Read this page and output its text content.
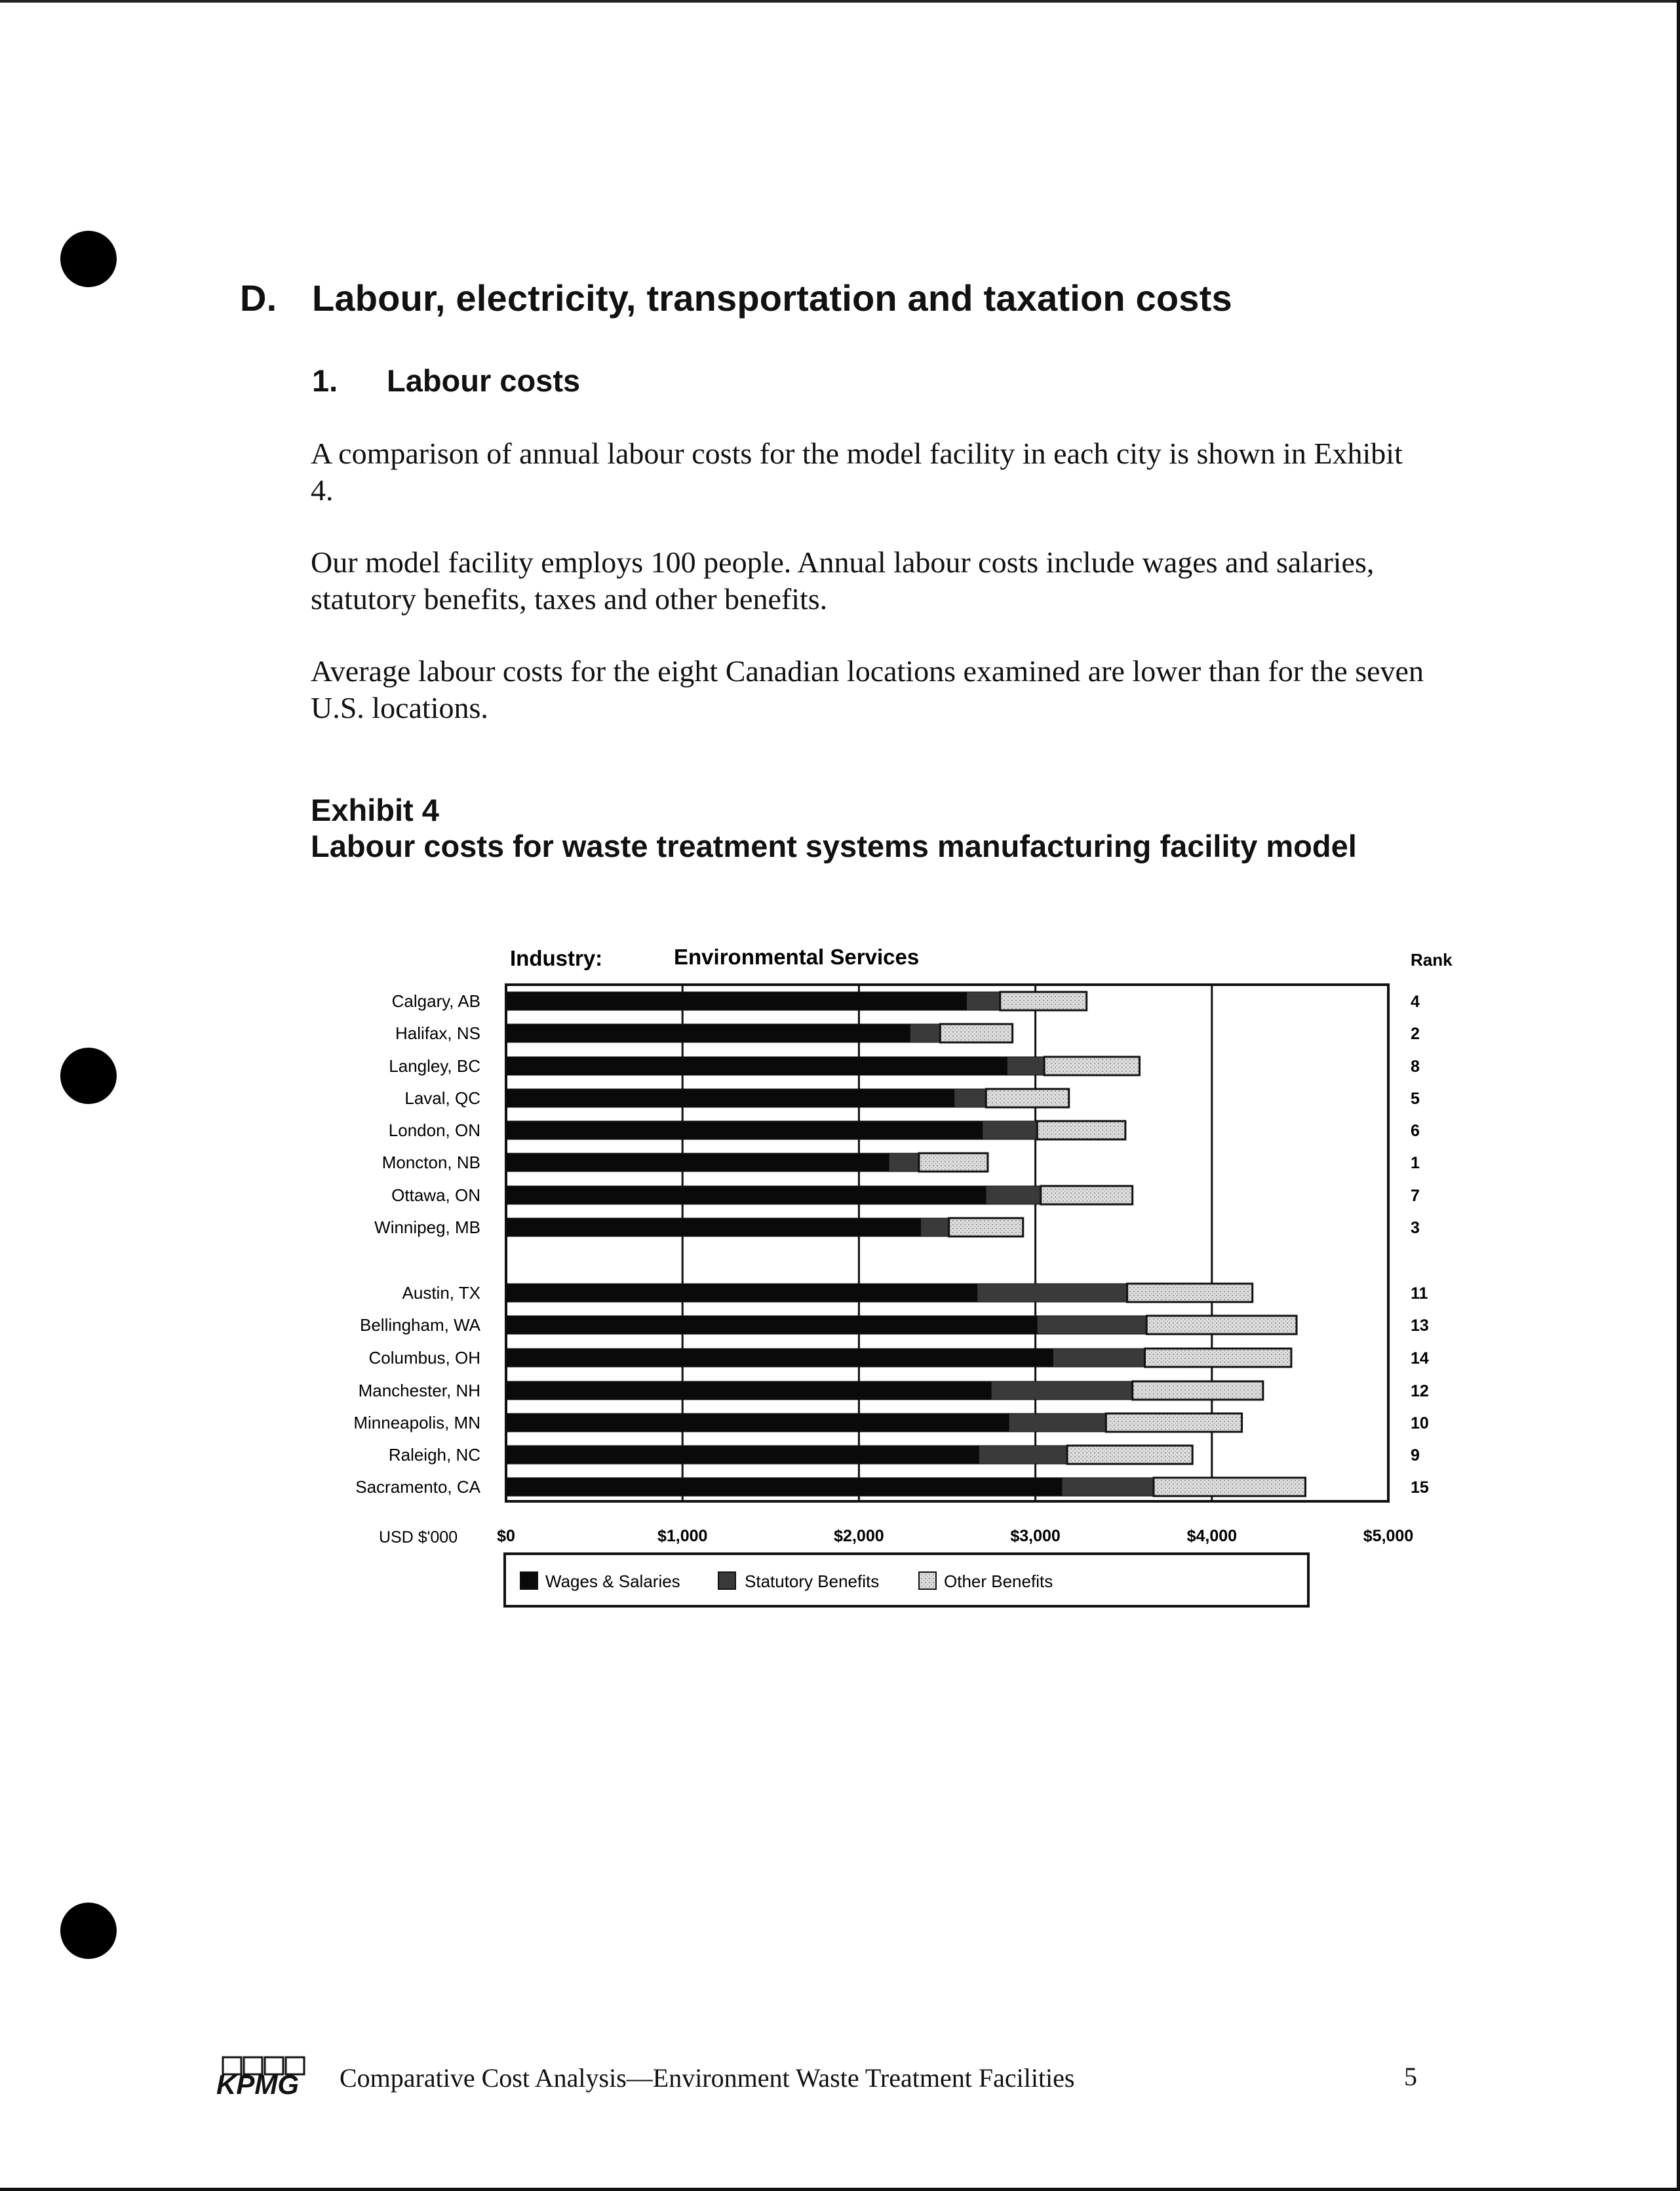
D. Labour, electricity, transportation and taxation costs
1. Labour costs
A comparison of annual labour costs for the model facility in each city is shown in Exhibit 4.
Our model facility employs 100 people. Annual labour costs include wages and salaries, statutory benefits, taxes and other benefits.
Average labour costs for the eight Canadian locations examined are lower than for the seven U.S. locations.
Exhibit 4
Labour costs for waste treatment systems manufacturing facility model
Industry:	Environmental Services	Rank
$0	$1,000	$2,000	$3,000	$4,000	$5,000
USD $'000
Calgary, AB	4
Halifax, NS	2
Langley, BC	8
Laval, QC	5
London, ON	6
Moncton, NB	1
Ottawa, ON	7
Winnipeg, MB	3
Austin, TX	11
Bellingham, WA	13
Columbus, OH	14
Manchester, NH	12
Minneapolis, MN	10
Raleigh, NC	9
Sacramento, CA	15
Wages & Salaries	Statutory Benefits	Other Benefits
KPMG Comparative Cost Analysis—Environment Waste Treatment Facilities	5
